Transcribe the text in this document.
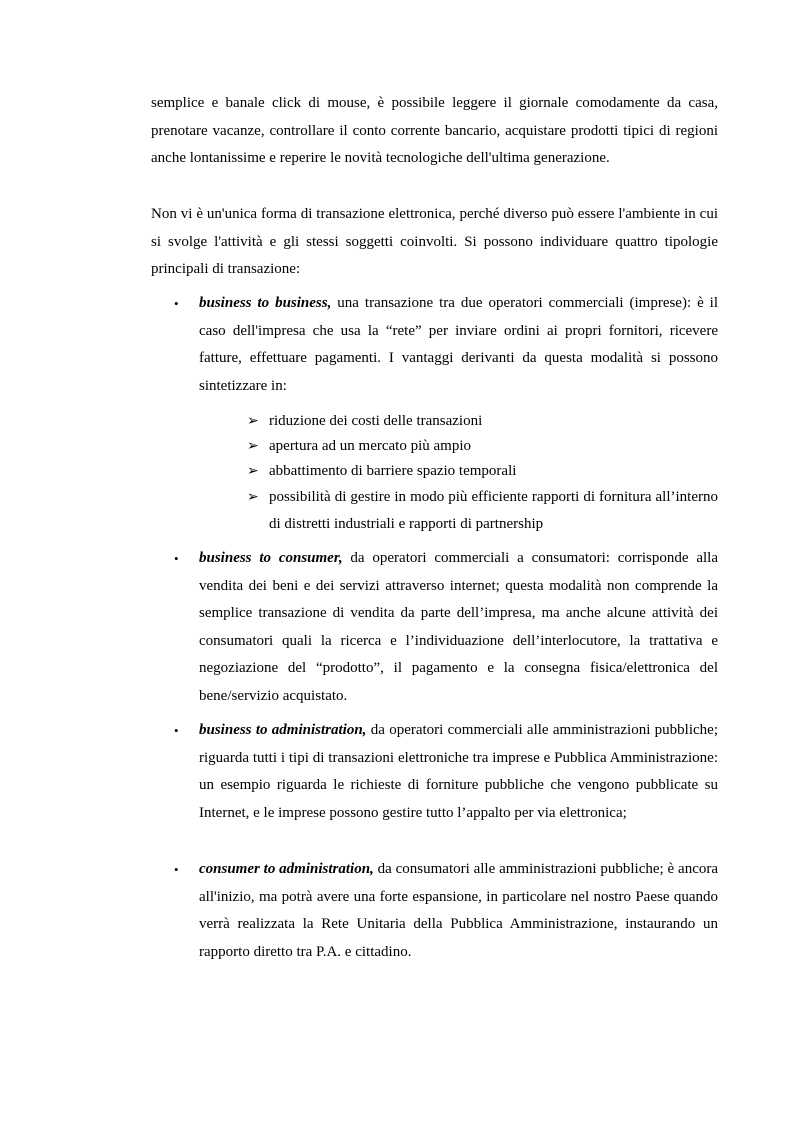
semplice e banale click di mouse, è possibile leggere il giornale comodamente da casa, prenotare vacanze, controllare il conto corrente bancario, acquistare prodotti tipici di regioni anche lontanissime e reperire le novità tecnologiche dell'ultima generazione.

Non vi è un'unica forma di transazione elettronica, perché diverso può essere l'ambiente in cui si svolge l'attività e gli stessi soggetti coinvolti. Si possono individuare quattro tipologie principali di transazione:

•	business to business, una transazione tra due operatori commerciali (imprese): è il caso dell'impresa che usa la “rete” per inviare ordini ai propri fornitori, ricevere fatture, effettuare pagamenti. I vantaggi derivanti da questa modalità si possono sintetizzare in:

➢ riduzione dei costi delle transazioni

➢ apertura ad un mercato più ampio

➢ abbattimento di barriere spazio temporali

➢ possibilità di gestire in modo più efficiente rapporti di fornitura all’interno di distretti industriali e rapporti di partnership

•	business to consumer, da operatori commerciali a consumatori: corrisponde alla vendita dei beni e dei servizi attraverso internet; questa modalità non comprende la semplice transazione di vendita da parte dell’impresa, ma anche alcune attività dei consumatori quali la ricerca e l’individuazione dell’interlocutore, la trattativa e negoziazione del “prodotto”, il pagamento e la consegna fisica/elettronica del bene/servizio acquistato.

•	business to administration, da operatori commerciali alle amministrazioni pubbliche; riguarda tutti i tipi di transazioni elettroniche tra imprese e Pubblica Amministrazione: un esempio riguarda le richieste di forniture pubbliche che vengono pubblicate su Internet, e le imprese possono gestire tutto l’appalto per via elettronica;

•	consumer to administration, da consumatori alle amministrazioni pubbliche; è ancora all'inizio, ma potrà avere una forte espansione, in particolare nel nostro Paese quando verrà realizzata la Rete Unitaria della Pubblica Amministrazione, instaurando un rapporto diretto tra P.A. e cittadino.
